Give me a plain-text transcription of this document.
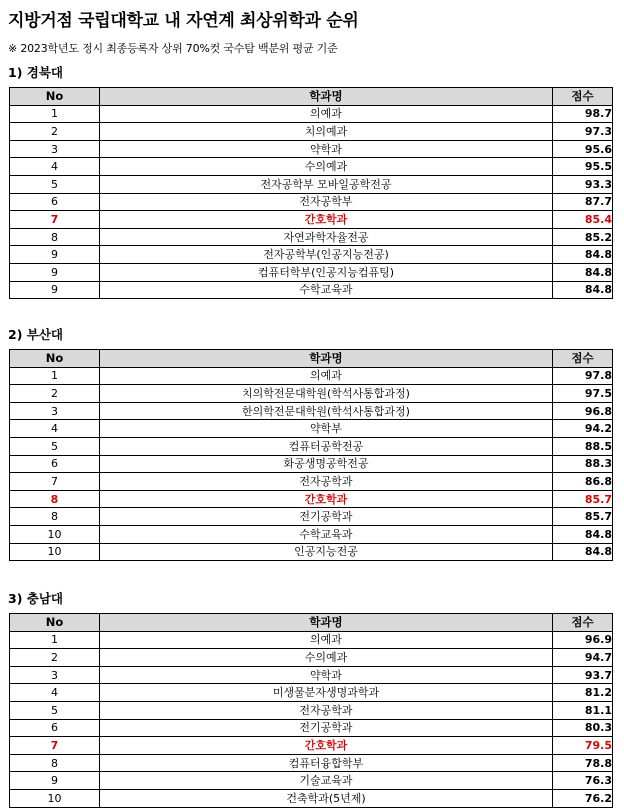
지방거점 국립대학교 내 자연계 최상위학과 순위
※ 2023학년도 정시 최종등록자 상위 70%컷 국수탐 백분위 평균 기준
1) 경북대
No	학과명	점수
1	의예과	98.7
2	치의예과	97.3
3	약학과	95.6
4	수의예과	95.5
5	전자공학부 모바일공학전공	93.3
6	전자공학부	87.7
7	간호학과	85.4
8	자연과학자율전공	85.2
9	전자공학부(인공지능전공)	84.8
9	컴퓨터학부(인공지능컴퓨팅)	84.8
9	수학교육과	84.8
2) 부산대
No	학과명	점수
1	의예과	97.8
2	치의학전문대학원(학석사통합과정)	97.5
3	한의학전문대학원(학석사통합과정)	96.8
4	약학부	94.2
5	컴퓨터공학전공	88.5
6	화공생명공학전공	88.3
7	전자공학과	86.8
8	간호학과	85.7
8	전기공학과	85.7
10	수학교육과	84.8
10	인공지능전공	84.8
3) 충남대
No	학과명	점수
1	의예과	96.9
2	수의예과	94.7
3	약학과	93.7
4	미생물분자생명과학과	81.2
5	전자공학과	81.1
6	전기공학과	80.3
7	간호학과	79.5
8	컴퓨터융합학부	78.8
9	기술교육과	76.3
10	건축학과(5년제)	76.2
